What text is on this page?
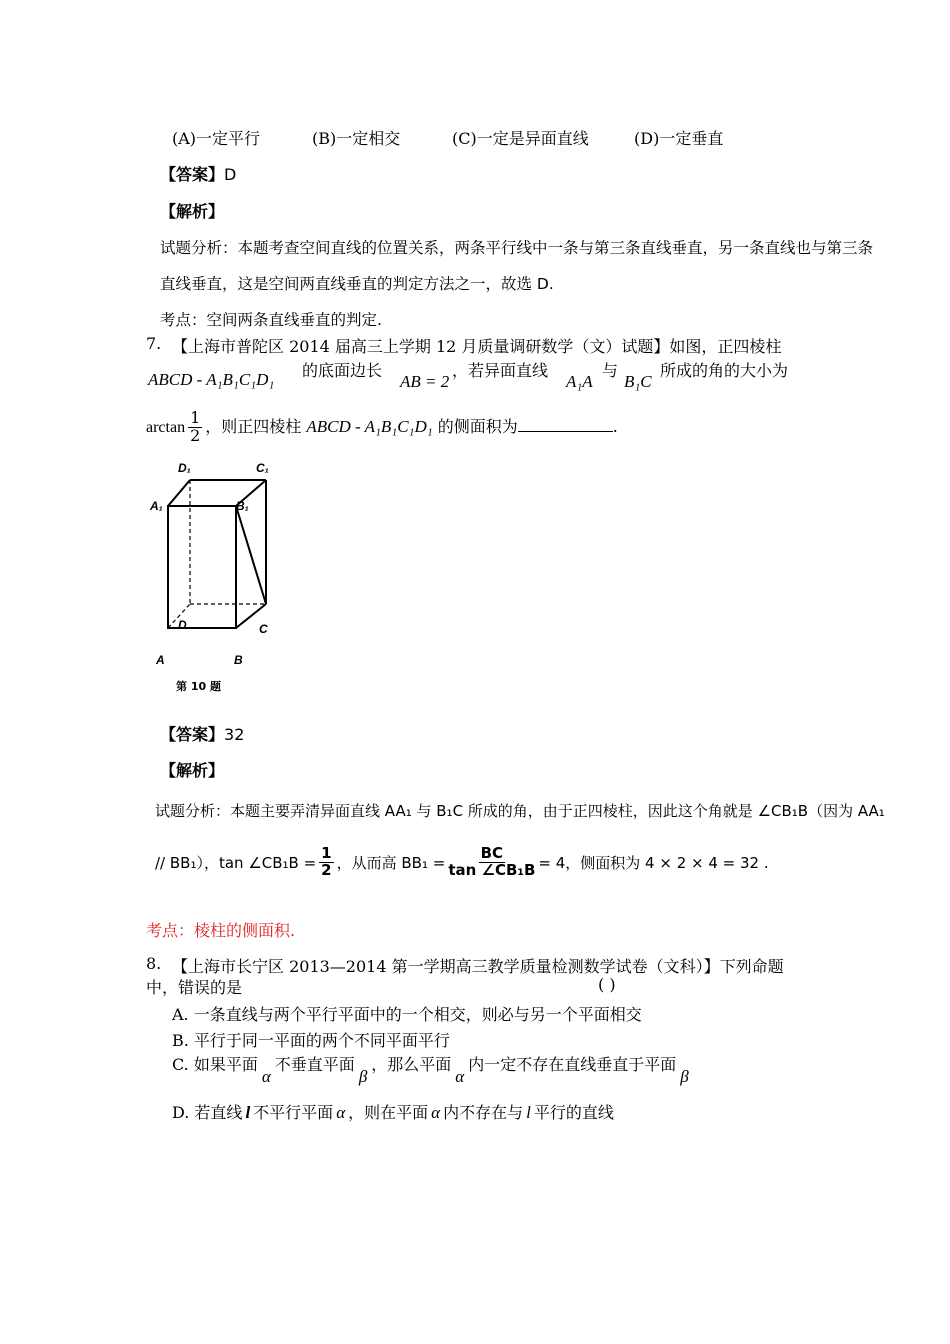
(A)一定平行	(B)一定相交	(C)一定是异面直线	(D)一定垂直
【答案】D
【解析】
试题分析：本题考查空间直线的位置关系，两条平行线中一条与第三条直线垂直，另一条直线也与第三条
直线垂直，这是空间两直线垂直的判定方法之一，故选 D.
考点：空间两条直线垂直的判定.
7. 【上海市普陀区 2014 届高三上学期 12 月质量调研数学（文）试题】如图，正四棱柱
ABCD - A₁B₁C₁D₁ 的底面边长
AB = 2
，若异面直线
A₁A
与
B₁C
所成的角的大小为
$\arctan \frac{1}{2}$ ，则正四棱柱 ABCD - A₁B₁C₁D₁ 的侧面积为	.
D₁	C₁
A₁	B₁
D	C
A	B
第 10 题
【答案】32
【解析】
试题分析：本题主要弄清异面直线 AA₁ 与 B₁C 所成的角，由于正四棱柱，因此这个角就是 ∠CB₁B（因为 AA₁
// BB₁），tan ∠CB₁B = $\frac{1}{2}$ ，从而高 $BB_1 = \frac{BC}{\text{tan ∠CB₁B}} = 4$，侧面积为 4 × 2 × 4 = 32 .
考点：棱柱的侧面积.
8. 【上海市长宁区 2013—2014 第一学期高三教学质量检测数学试卷（文科）】下列命题
中，错误的是	( )
A. 一条直线与两个平行平面中的一个相交，则必与另一个平面相交
B. 平行于同一平面的两个不同平面平行
C. 如果平面α不垂直平面β，那么平面α内一定不存在直线垂直于平面β
D. 若直线 l 不平行平面 α ，则在平面 α 内不存在与 l 平行的直线
